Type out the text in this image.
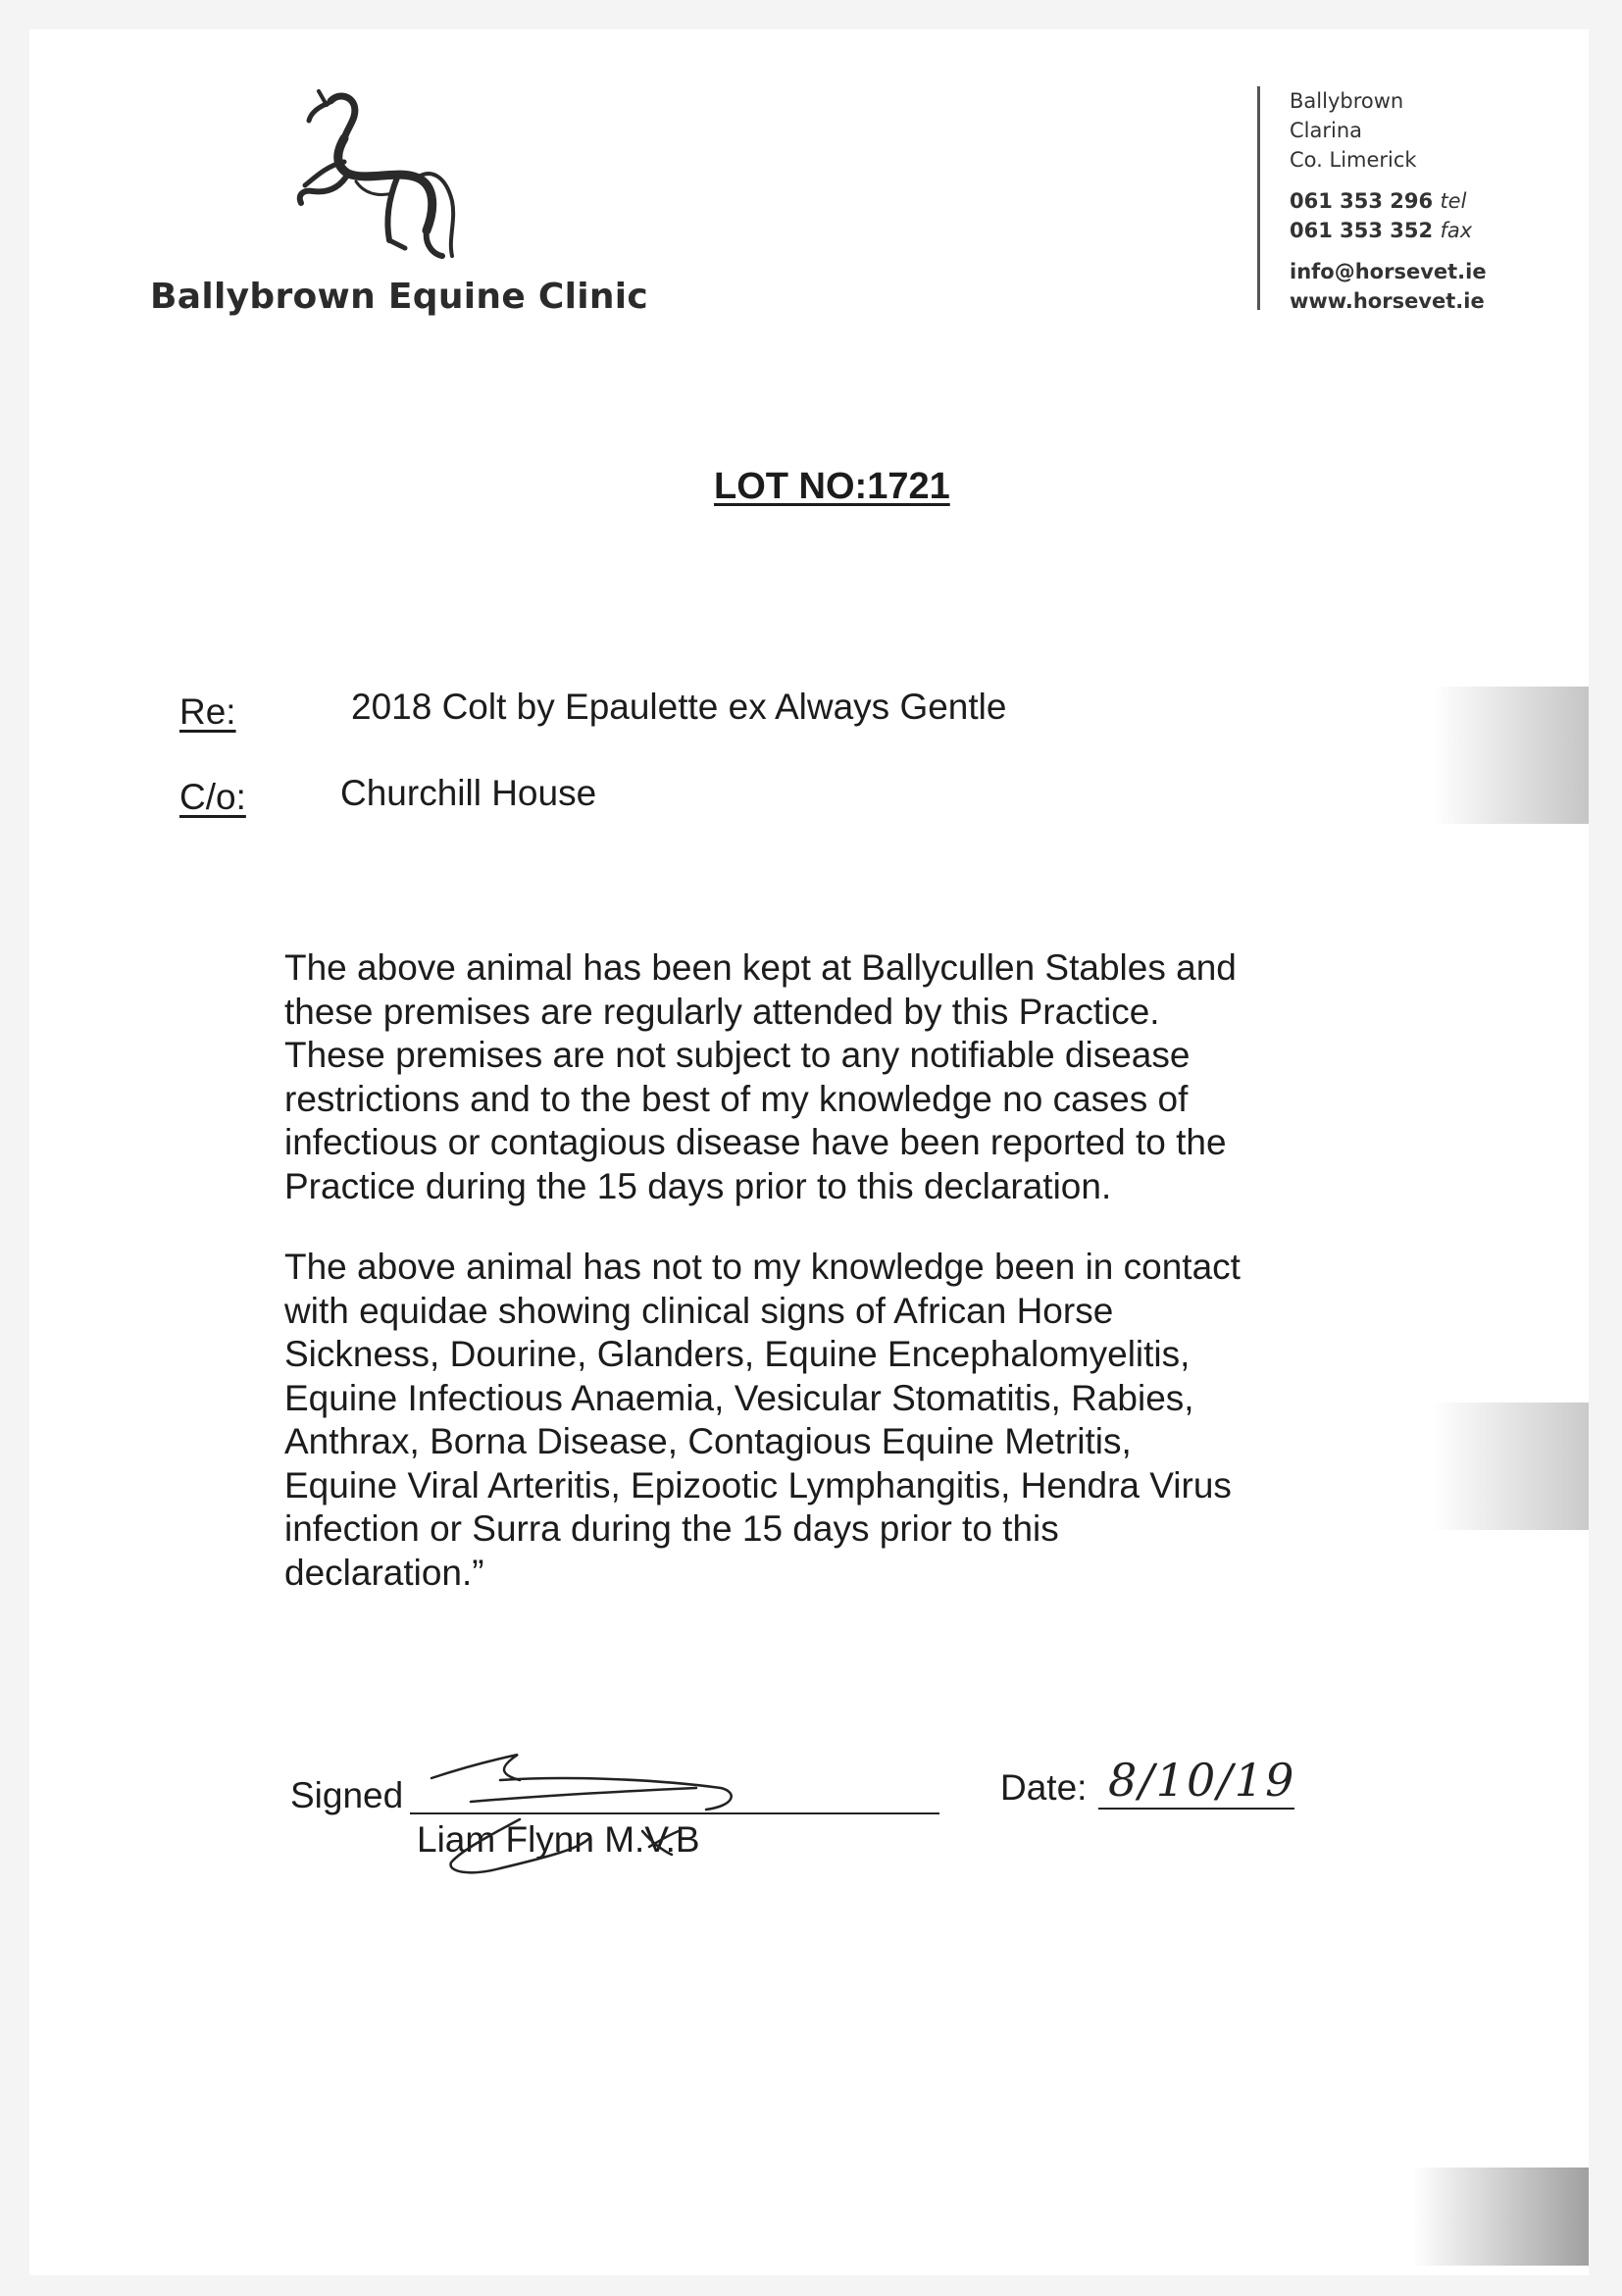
Ballybrown Equine Clinic
Ballybrown
Clarina
Co. Limerick
061 353 296 tel
061 353 352 fax
info@horsevet.ie
www.horsevet.ie
LOT NO:1721
Re:	2018 Colt by Epaulette ex Always Gentle
C/o:	Churchill House
The above animal has been kept at Ballycullen Stables and
these premises are regularly attended by this Practice.
These premises are not subject to any notifiable disease
restrictions and to the best of my knowledge no cases of
infectious or contagious disease have been reported to the
Practice during the 15 days prior to this declaration.
The above animal has not to my knowledge been in contact
with equidae showing clinical signs of African Horse
Sickness, Dourine, Glanders, Equine Encephalomyelitis,
Equine Infectious Anaemia, Vesicular Stomatitis, Rabies,
Anthrax, Borna Disease, Contagious Equine Metritis,
Equine Viral Arteritis, Epizootic Lymphangitis, Hendra Virus
infection or Surra during the 15 days prior to this
declaration.”
Signed
Liam Flynn M.V.B
Date: 8/10/19
